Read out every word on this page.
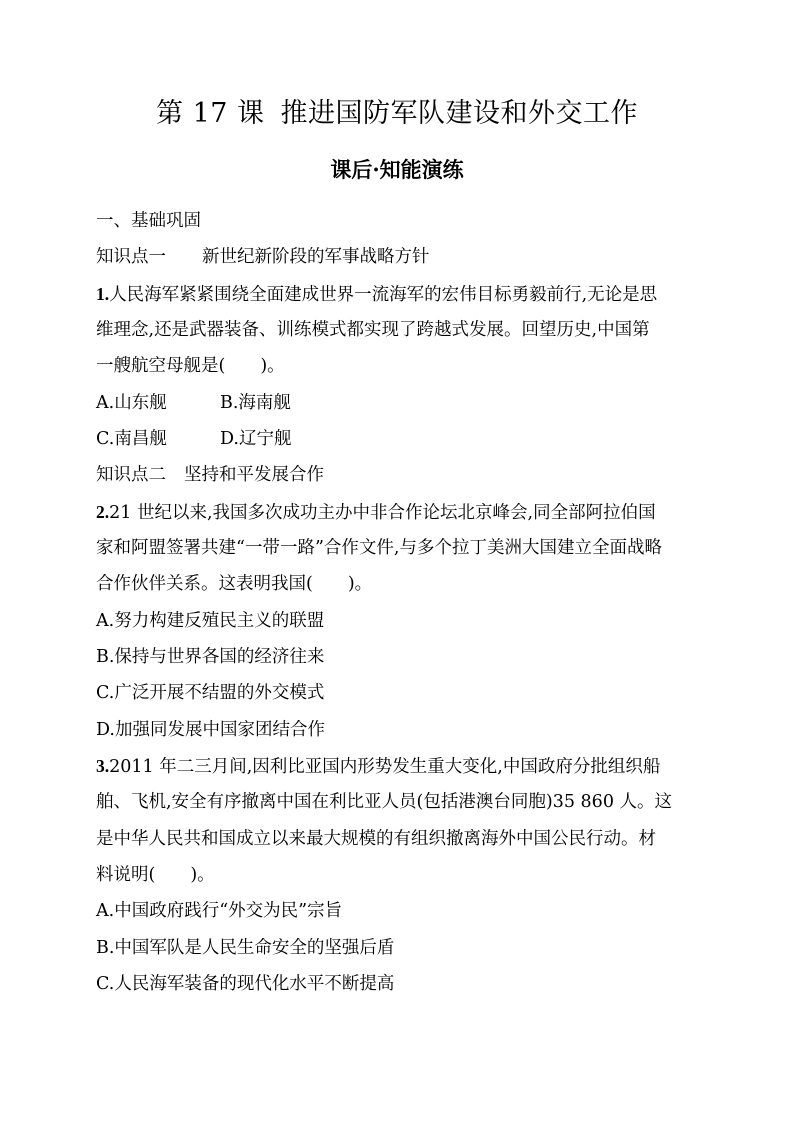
第 17 课 推进国防军队建设和外交工作
课后·知能演练
一、基础巩固
知识点一 新世纪新阶段的军事战略方针
1.人民海军紧紧围绕全面建成世界一流海军的宏伟目标勇毅前行,无论是思
维理念,还是武器装备、训练模式都实现了跨越式发展。回望历史,中国第
一艘航空母舰是(　　)。
A.山东舰	B.海南舰
C.南昌舰	D.辽宁舰
知识点二 坚持和平发展合作
2.21 世纪以来,我国多次成功主办中非合作论坛北京峰会,同全部阿拉伯国
家和阿盟签署共建“一带一路”合作文件,与多个拉丁美洲大国建立全面战略
合作伙伴关系。这表明我国(　　)。
A.努力构建反殖民主义的联盟
B.保持与世界各国的经济往来
C.广泛开展不结盟的外交模式
D.加强同发展中国家团结合作
3.2011 年二三月间,因利比亚国内形势发生重大变化,中国政府分批组织船
舶、飞机,安全有序撤离中国在利比亚人员(包括港澳台同胞)35 860 人。这
是中华人民共和国成立以来最大规模的有组织撤离海外中国公民行动。材
料说明(　　)。
A.中国政府践行“外交为民”宗旨
B.中国军队是人民生命安全的坚强后盾
C.人民海军装备的现代化水平不断提高
